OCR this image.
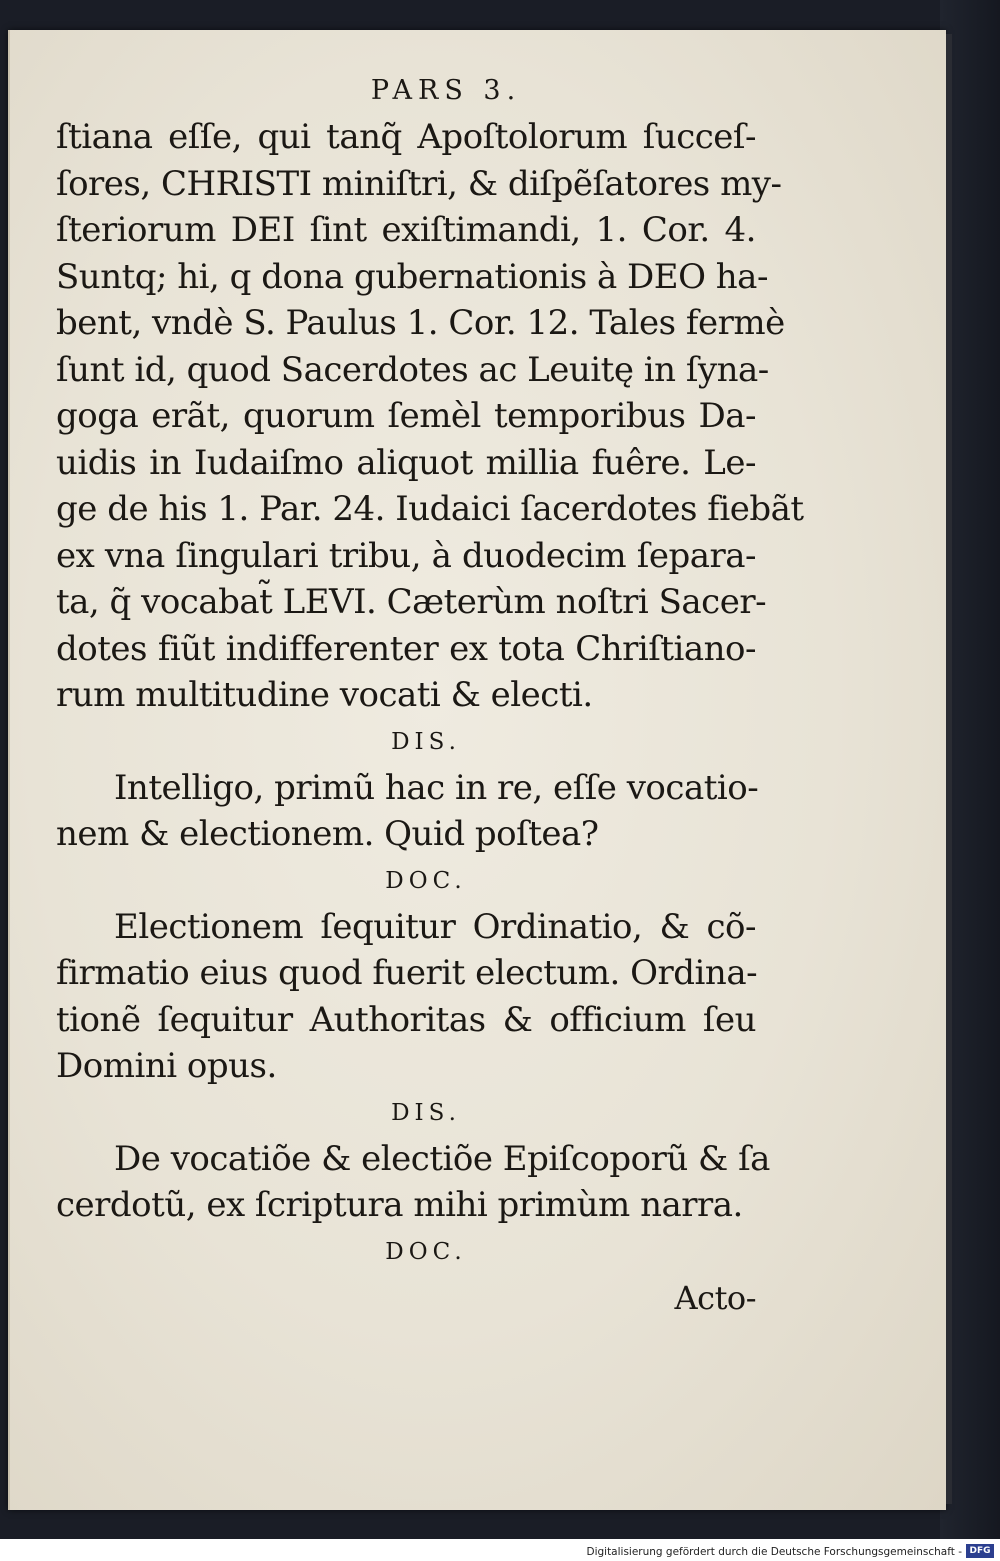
PARS 3.
ſtiana eſſe, qui tanq̃ Apoſtolorum ſucceſ-
ſores, CHRISTI miniſtri, & diſpẽſatores my-
ſteriorum DEI ſint exiſtimandi, 1. Cor. 4.
Suntq; hi, q dona gubernationis à DEO ha-
bent, vndè S. Paulus 1. Cor. 12. Tales fermè
ſunt id, quod Sacerdotes ac Leuitę in ſyna-
goga erãt, quorum ſemèl temporibus Da-
uidis in Iudaiſmo aliquot millia fuêre. Le-
ge de his 1. Par. 24. Iudaici ſacerdotes fiebãt
ex vna ſingulari tribu, à duodecim ſepara-
ta, q̃ vocabat̃ LEVI. Cæterùm noſtri Sacer-
dotes fiũt indifferenter ex tota Chriſtiano-
rum multitudine vocati & electi.
DIS.
Intelligo, primũ hac in re, eſſe vocatio-
nem & electionem. Quid poſtea?
DOC.
Electionem ſequitur Ordinatio, & cõ-
firmatio eius quod fuerit electum. Ordina-
tionẽ ſequitur Authoritas & officium ſeu
Domini opus.
DIS.
De vocatiõe & electiõe Epiſcoporũ & ſa
cerdotũ, ex ſcriptura mihi primùm narra.
DOC.
Acto-
Digitalisierung gefördert durch die Deutsche Forschungsgemeinschaft - DFG
